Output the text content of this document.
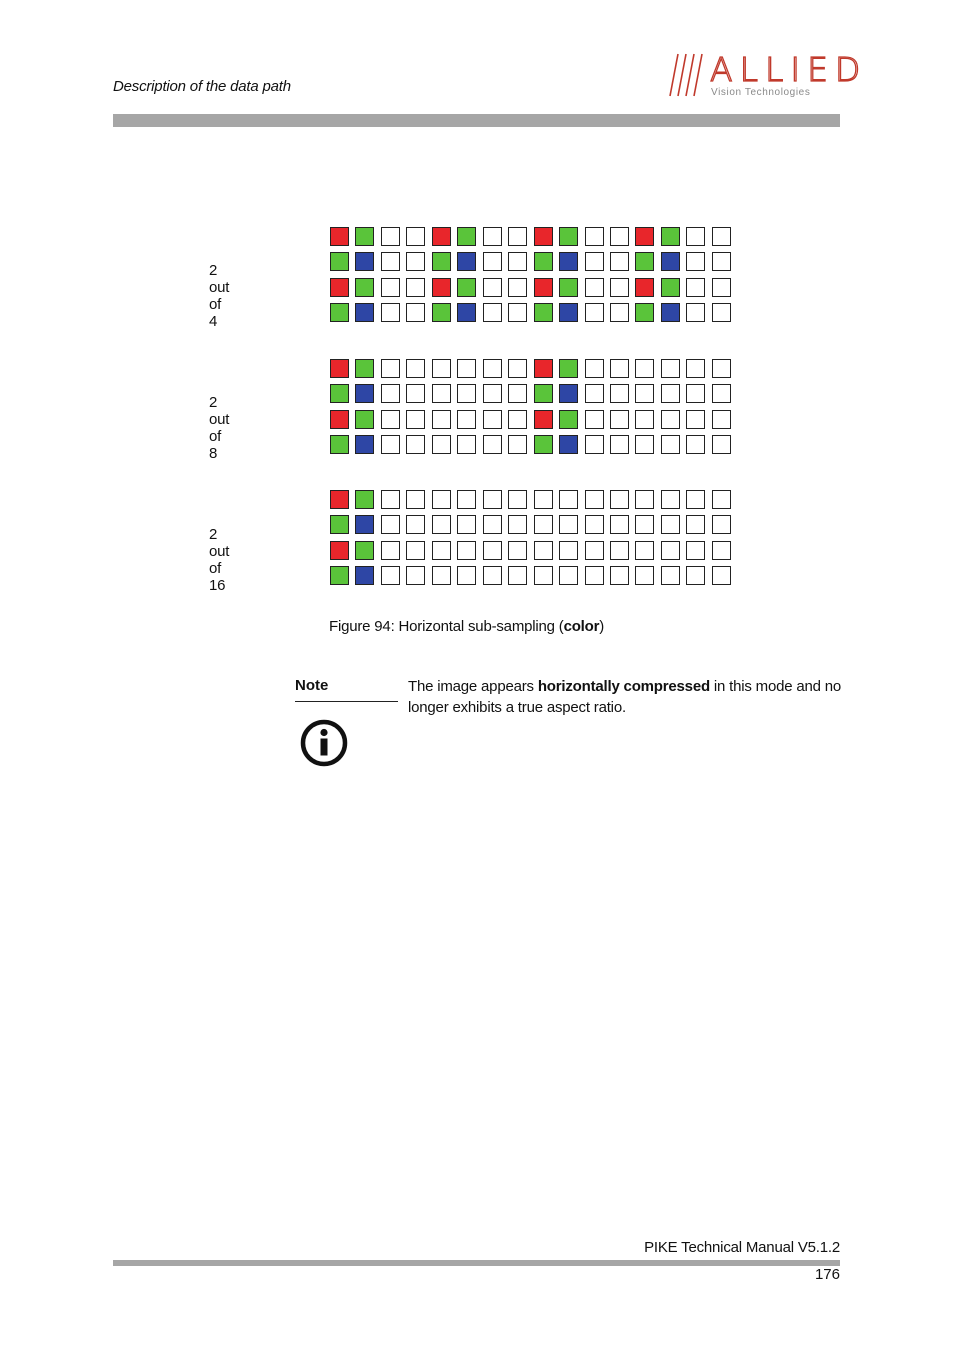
Description of the data path	ALLIED
Vision Technologies
2 out of 4
2 out of 8
2 out of 16
Figure 94: Horizontal sub-sampling (color)
Note	The image appears horizontally compressed in this mode and no longer exhibits a true aspect ratio.
PIKE Technical Manual V5.1.2
176
